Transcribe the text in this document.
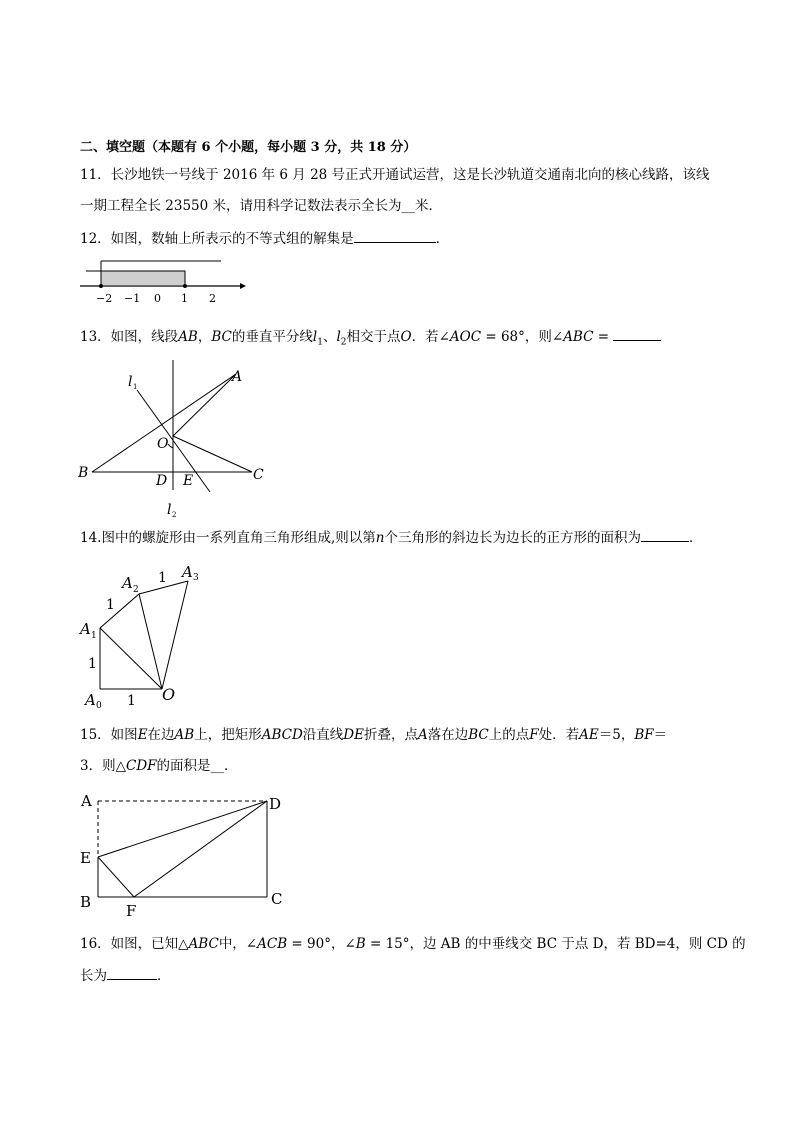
二、填空题（本题有 6 个小题，每小题 3 分，共 18 分）
11．长沙地铁一号线于 2016 年 6 月 28 号正式开通试运营，这是长沙轨道交通南北向的核心线路，该线
一期工程全长 23550 米，请用科学记数法表示全长为__米．
12．如图，数轴上所表示的不等式组的解集是	．
−2 −1 0 1 2
13．如图，线段AB，BC的垂直平分线$l_1$、$l_2$相交于点O．若∠AOC = 68°，则∠ABC =
l 1
A
O
B	C
D E
l 2
14.图中的螺旋形由一系列直角三角形组成,则以第n个三角形的斜边长为边长的正方形的面积为	．
A 1
A 2
A 3
A 0
O
1
1
1
1
15．如图E在边AB上，把矩形ABCD沿直线DE折叠，点A落在边BC上的点F处．若AE＝5，BF＝
3．则△CDF的面积是__．
A	D
E
B	C
F
16．如图，已知△ABC中，∠ACB = 90°，∠B = 15°，边 AB 的中垂线交 BC 于点 D，若 BD=4，则 CD 的
长为	．
